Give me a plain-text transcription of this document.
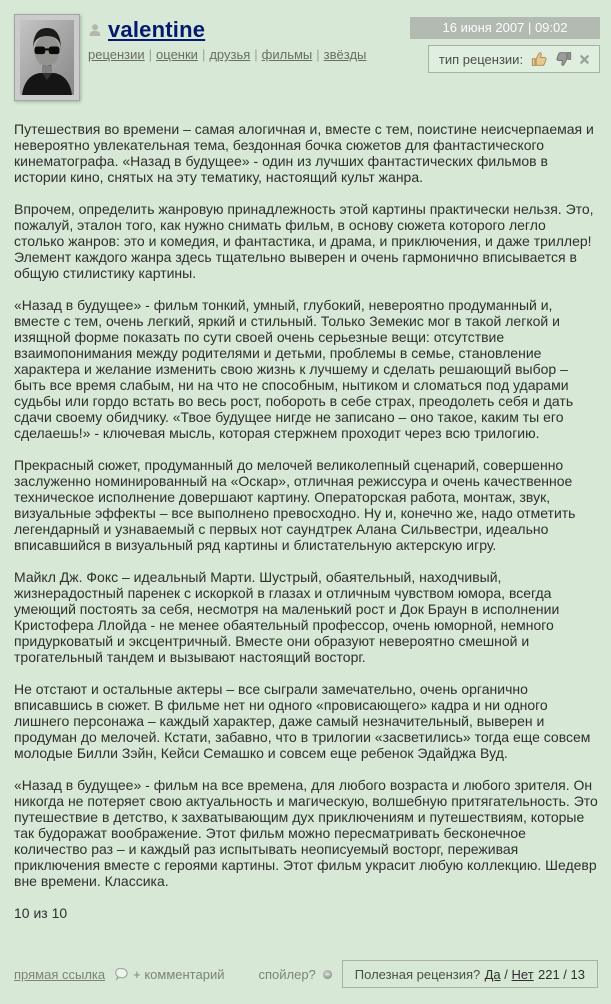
valentine
рецензии | оценки | друзья | фильмы | звёзды
16 июня 2007 | 09:02
тип рецензии:

Путешествия во времени – самая алогичная и, вместе с тем, поистине неисчерпаемая и невероятно увлекательная тема, бездонная бочка сюжетов для фантастического кинематографа. «Назад в будущее» - один из лучших фантастических фильмов в истории кино, снятых на эту тематику, настоящий культ жанра.

Впрочем, определить жанровую принадлежность этой картины практически нельзя. Это, пожалуй, эталон того, как нужно снимать фильм, в основу сюжета которого легло столько жанров: это и комедия, и фантастика, и драма, и приключения, и даже триллер! Элемент каждого жанра здесь тщательно выверен и очень гармонично вписывается в общую стилистику картины.

«Назад в будущее» - фильм тонкий, умный, глубокий, невероятно продуманный и, вместе с тем, очень легкий, яркий и стильный. Только Земекис мог в такой легкой и изящной форме показать по сути своей очень серьезные вещи: отсутствие взаимопонимания между родителями и детьми, проблемы в семье, становление характера и желание изменить свою жизнь к лучшему и сделать решающий выбор – быть все время слабым, ни на что не способным, нытиком и сломаться под ударами судьбы или гордо встать во весь рост, побороть в себе страх, преодолеть себя и дать сдачи своему обидчику. «Твое будущее нигде не записано – оно такое, каким ты его сделаешь!» - ключевая мысль, которая стержнем проходит через всю трилогию.

Прекрасный сюжет, продуманный до мелочей великолепный сценарий, совершенно заслуженно номинированный на «Оскар», отличная режиссура и очень качественное техническое исполнение довершают картину. Операторская работа, монтаж, звук, визуальные эффекты – все выполнено превосходно. Ну и, конечно же, надо отметить легендарный и узнаваемый с первых нот саундтрек Алана Сильвестри, идеально вписавшийся в визуальный ряд картины и блистательную актерскую игру.

Майкл Дж. Фокс – идеальный Марти. Шустрый, обаятельный, находчивый, жизнерадостный паренек с искоркой в глазах и отличным чувством юмора, всегда умеющий постоять за себя, несмотря на маленький рост и Док Браун в исполнении Кристофера Ллойда - не менее обаятельный профессор, очень юморной, немного придурковатый и эксцентричный. Вместе они образуют невероятно смешной и трогательный тандем и вызывают настоящий восторг.

Не отстают и остальные актеры – все сыграли замечательно, очень органично вписавшись в сюжет. В фильме нет ни одного «провисающего» кадра и ни одного лишнего персонажа – каждый характер, даже самый незначительный, выверен и продуман до мелочей. Кстати, забавно, что в трилогии «засветились» тогда еще совсем молодые Билли Зэйн, Кейси Семашко и совсем еще ребенок Эдайджа Вуд.

«Назад в будущее» - фильм на все времена, для любого возраста и любого зрителя. Он никогда не потеряет свою актуальность и магическую, волшебную притягательность. Это путешествие в детство, к захватывающим дух приключениям и путешествиям, которые так будоражат воображение. Этот фильм можно пересматривать бесконечное количество раз – и каждый раз испытывать неописуемый восторг, переживая приключения вместе с героями картины. Этот фильм украсит любую коллекцию. Шедевр вне времени. Классика.

10 из 10

прямая ссылка + комментарий	спойлер?	Полезная рецензия? Да / Нет 221 / 13
